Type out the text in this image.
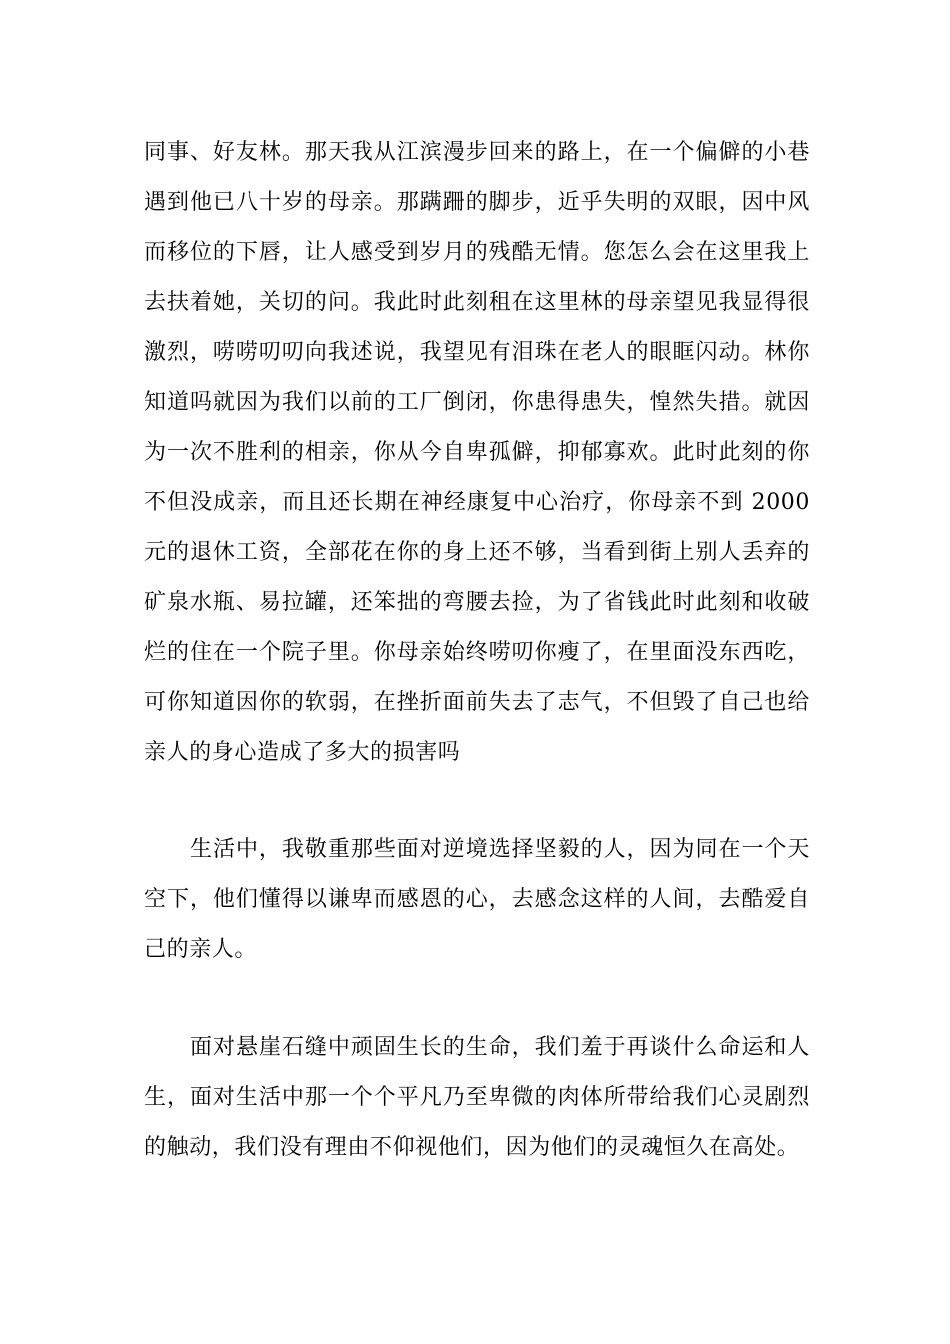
同事、好友林。那天我从江滨漫步回来的路上，在一个偏僻的小巷遇到他已八十岁的母亲。那蹒跚的脚步，近乎失明的双眼，因中风而移位的下唇，让人感受到岁月的残酷无情。您怎么会在这里我上去扶着她，关切的问。我此时此刻租在这里林的母亲望见我显得很激烈，唠唠叨叨向我述说，我望见有泪珠在老人的眼眶闪动。林你知道吗就因为我们以前的工厂倒闭，你患得患失，惶然失措。就因为一次不胜利的相亲，你从今自卑孤僻，抑郁寡欢。此时此刻的你不但没成亲，而且还长期在神经康复中心治疗，你母亲不到 2000 元的退休工资，全部花在你的身上还不够，当看到街上别人丢弃的矿泉水瓶、易拉罐，还笨拙的弯腰去捡，为了省钱此时此刻和收破烂的住在一个院子里。你母亲始终唠叨你瘦了，在里面没东西吃，可你知道因你的软弱，在挫折面前失去了志气，不但毁了自己也给亲人的身心造成了多大的损害吗

生活中，我敬重那些面对逆境选择坚毅的人，因为同在一个天空下，他们懂得以谦卑而感恩的心，去感念这样的人间，去酷爱自己的亲人。

面对悬崖石缝中顽固生长的生命，我们羞于再谈什么命运和人生，面对生活中那一个个平凡乃至卑微的肉体所带给我们心灵剧烈的触动，我们没有理由不仰视他们，因为他们的灵魂恒久在高处。
